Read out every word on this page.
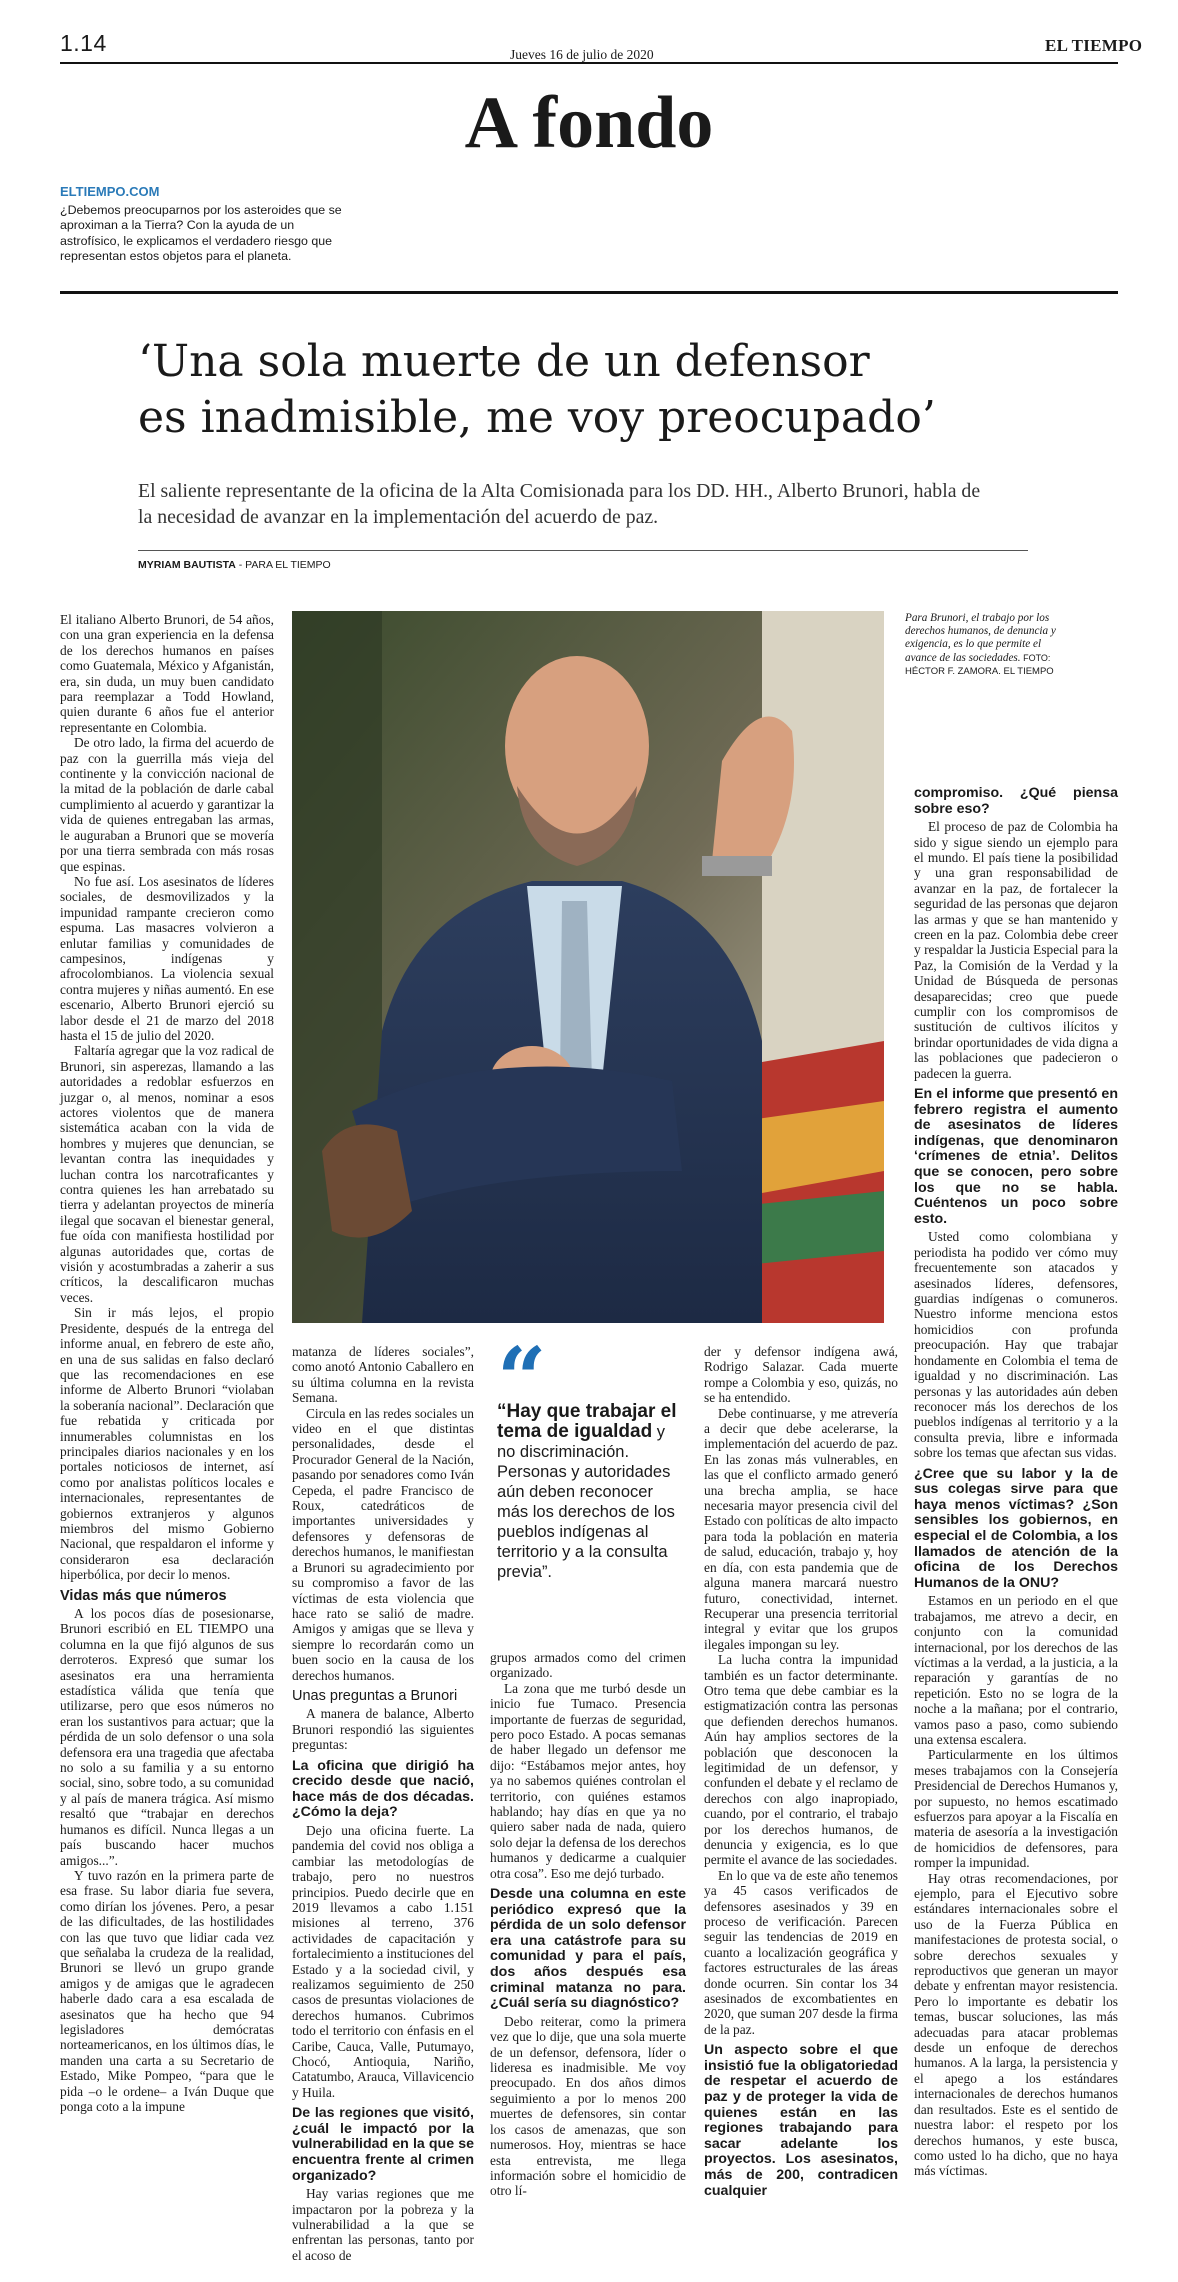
1.14	Jueves 16 de julio de 2020	EL TIEMPO
A fondo
ELTIEMPO.COM
¿Debemos preocuparnos por los asteroides que se aproximan a la Tierra? Con la ayuda de un astrofísico, le explicamos el verdadero riesgo que representan estos objetos para el planeta.
‘Una sola muerte de un defensor
es inadmisible, me voy preocupado’
El saliente representante de la oficina de la Alta Comisionada para los DD. HH., Alberto Brunori, habla de la necesidad de avanzar en la implementación del acuerdo de paz.
MYRIAM BAUTISTA - PARA EL TIEMPO
Para Brunori, el trabajo por los derechos humanos, de denuncia y exigencia, es lo que permite el avance de las sociedades. FOTO:
HÉCTOR F. ZAMORA. EL TIEMPO

El italiano Alberto Brunori, de 54 años, con una gran experiencia en la defensa de los derechos humanos en países como Guatemala, México y Afganistán, era, sin duda, un muy buen candidato para reemplazar a Todd Howland, quien durante 6 años fue el anterior representante en Colombia.

De otro lado, la firma del acuerdo de paz con la guerrilla más vieja del continente y la convicción nacional de la mitad de la población de darle cabal cumplimiento al acuerdo y garantizar la vida de quienes entregaban las armas, le auguraban a Brunori que se movería por una tierra sembrada con más rosas que espinas.

No fue así. Los asesinatos de líderes sociales, de desmovilizados y la impunidad rampante crecieron como espuma. Las masacres volvieron a enlutar familias y comunidades de campesinos, indígenas y afrocolombianos. La violencia sexual contra mujeres y niñas aumentó. En ese escenario, Alberto Brunori ejerció su labor desde el 21 de marzo del 2018 hasta el 15 de julio del 2020.

Faltaría agregar que la voz radical de Brunori, sin asperezas, llamando a las autoridades a redoblar esfuerzos en juzgar o, al menos, nominar a esos actores violentos que de manera sistemática acaban con la vida de hombres y mujeres que denuncian, se levantan contra las inequidades y luchan contra los narcotraficantes y contra quienes les han arrebatado su tierra y adelantan proyectos de minería ilegal que socavan el bienestar general, fue oída con manifiesta hostilidad por algunas autoridades que, cortas de visión y acostumbradas a zaherir a sus críticos, la descalificaron muchas veces.

Sin ir más lejos, el propio Presidente, después de la entrega del informe anual, en febrero de este año, en una de sus salidas en falso declaró que las recomendaciones en ese informe de Alberto Brunori “violaban la soberanía nacional”. Declaración que fue rebatida y criticada por innumerables columnistas en los principales diarios nacionales y en los portales noticiosos de internet, así como por analistas políticos locales e internacionales, representantes de gobiernos extranjeros y algunos miembros del mismo Gobierno Nacional, que respaldaron el informe y consideraron esa declaración hiperbólica, por decir lo menos.

Vidas más que números

A los pocos días de posesionarse, Brunori escribió en EL TIEMPO una columna en la que fijó algunos de sus derroteros. Expresó que sumar los asesinatos era una herramienta estadística válida que tenía que utilizarse, pero que esos números no eran los sustantivos para actuar; que la pérdida de un solo defensor o una sola defensora era una tragedia que afectaba no solo a su familia y a su entorno social, sino, sobre todo, a su comunidad y al país de manera trágica. Así mismo resaltó que “trabajar en derechos humanos es difícil. Nunca llegas a un país buscando hacer muchos amigos...”.

Y tuvo razón en la primera parte de esa frase. Su labor diaria fue severa, como dirían los jóvenes. Pero, a pesar de las dificultades, de las hostilidades con las que tuvo que lidiar cada vez que señalaba la crudeza de la realidad, Brunori se llevó un grupo grande amigos y de amigas que le agradecen haberle dado cara a esa escalada de asesinatos que ha hecho que 94 legisladores demócratas norteamericanos, en los últimos días, le manden una carta a su Secretario de Estado, Mike Pompeo, “para que le pida –o le ordene– a Iván Duque que ponga coto a la impune

matanza de líderes sociales”, como anotó Antonio Caballero en su última columna en la revista Semana.

Circula en las redes sociales un video en el que distintas personalidades, desde el Procurador General de la Nación, pasando por senadores como Iván Cepeda, el padre Francisco de Roux, catedráticos de importantes universidades y defensores y defensoras de derechos humanos, le manifiestan a Brunori su agradecimiento por su compromiso a favor de las víctimas de esta violencia que hace rato se salió de madre. Amigos y amigas que se lleva y siempre lo recordarán como un buen socio en la causa de los derechos humanos.

Unas preguntas a Brunori

A manera de balance, Alberto Brunori respondió las siguientes preguntas:

La oficina que dirigió ha crecido desde que nació, hace más de dos décadas. ¿Cómo la deja?

Dejo una oficina fuerte. La pandemia del covid nos obliga a cambiar las metodologías de trabajo, pero no nuestros principios. Puedo decirle que en 2019 llevamos a cabo 1.151 misiones al terreno, 376 actividades de capacitación y fortalecimiento a instituciones del Estado y a la sociedad civil, y realizamos seguimiento de 250 casos de presuntas violaciones de derechos humanos. Cubrimos todo el territorio con énfasis en el Caribe, Cauca, Valle, Putumayo, Chocó, Antioquia, Nariño, Catatumbo, Arauca, Villavicencio y Huila.

De las regiones que visitó, ¿cuál le impactó por la vulnerabilidad en la que se encuentra frente al crimen organizado?

Hay varias regiones que me impactaron por la pobreza y la vulnerabilidad a la que se enfrentan las personas, tanto por el acoso de

“
“Hay que trabajar el tema de igualdad y no discriminación. Personas y autoridades aún deben reconocer más los derechos de los pueblos indígenas al territorio y a la consulta previa”.

grupos armados como del crimen organizado.

La zona que me turbó desde un inicio fue Tumaco. Presencia importante de fuerzas de seguridad, pero poco Estado. A pocas semanas de haber llegado un defensor me dijo: “Estábamos mejor antes, hoy ya no sabemos quiénes controlan el territorio, con quiénes estamos hablando; hay días en que ya no quiero saber nada de nada, quiero solo dejar la defensa de los derechos humanos y dedicarme a cualquier otra cosa”. Eso me dejó turbado.

Desde una columna en este periódico expresó que la pérdida de un solo defensor era una catástrofe para su comunidad y para el país, dos años después esa criminal matanza no para. ¿Cuál sería su diagnóstico?

Debo reiterar, como la primera vez que lo dije, que una sola muerte de un defensor, defensora, líder o lideresa es inadmisible. Me voy preocupado. En dos años dimos seguimiento a por lo menos 200 muertes de defensores, sin contar los casos de amenazas, que son numerosos. Hoy, mientras se hace esta entrevista, me llega información sobre el homicidio de otro lí-

der y defensor indígena awá, Rodrigo Salazar. Cada muerte rompe a Colombia y eso, quizás, no se ha entendido.

Debe continuarse, y me atrevería a decir que debe acelerarse, la implementación del acuerdo de paz. En las zonas más vulnerables, en las que el conflicto armado generó una brecha amplia, se hace necesaria mayor presencia civil del Estado con políticas de alto impacto para toda la población en materia de salud, educación, trabajo y, hoy en día, con esta pandemia que de alguna manera marcará nuestro futuro, conectividad, internet. Recuperar una presencia territorial integral y evitar que los grupos ilegales impongan su ley.

La lucha contra la impunidad también es un factor determinante. Otro tema que debe cambiar es la estigmatización contra las personas que defienden derechos humanos. Aún hay amplios sectores de la población que desconocen la legitimidad de un defensor, y confunden el debate y el reclamo de derechos con algo inapropiado, cuando, por el contrario, el trabajo por los derechos humanos, de denuncia y exigencia, es lo que permite el avance de las sociedades.

En lo que va de este año tenemos ya 45 casos verificados de defensores asesinados y 39 en proceso de verificación. Parecen seguir las tendencias de 2019 en cuanto a localización geográfica y factores estructurales de las áreas donde ocurren. Sin contar los 34 asesinados de excombatientes en 2020, que suman 207 desde la firma de la paz.

Un aspecto sobre el que insistió fue la obligatoriedad de respetar el acuerdo de paz y de proteger la vida de quienes están en las regiones trabajando para sacar adelante los proyectos. Los asesinatos, más de 200, contradicen cualquier
compromiso. ¿Qué piensa sobre eso?

El proceso de paz de Colombia ha sido y sigue siendo un ejemplo para el mundo. El país tiene la posibilidad y una gran responsabilidad de avanzar en la paz, de fortalecer la seguridad de las personas que dejaron las armas y que se han mantenido y creen en la paz. Colombia debe creer y respaldar la Justicia Especial para la Paz, la Comisión de la Verdad y la Unidad de Búsqueda de personas desaparecidas; creo que puede cumplir con los compromisos de sustitución de cultivos ilícitos y brindar oportunidades de vida digna a las poblaciones que padecieron o padecen la guerra.

En el informe que presentó en febrero registra el aumento de asesinatos de líderes indígenas, que denominaron ‘crímenes de etnia’. Delitos que se conocen, pero sobre los que no se habla. Cuéntenos un poco sobre esto.

Usted como colombiana y periodista ha podido ver cómo muy frecuentemente son atacados y asesinados líderes, defensores, guardias indígenas o comuneros. Nuestro informe menciona estos homicidios con profunda preocupación. Hay que trabajar hondamente en Colombia el tema de igualdad y no discriminación. Las personas y las autoridades aún deben reconocer más los derechos de los pueblos indígenas al territorio y a la consulta previa, libre e informada sobre los temas que afectan sus vidas.

¿Cree que su labor y la de sus colegas sirve para que haya menos víctimas? ¿Son sensibles los gobiernos, en especial el de Colombia, a los llamados de atención de la oficina de los Derechos Humanos de la ONU?

Estamos en un periodo en el que trabajamos, me atrevo a decir, en conjunto con la comunidad internacional, por los derechos de las víctimas a la verdad, a la justicia, a la reparación y garantías de no repetición. Esto no se logra de la noche a la mañana; por el contrario, vamos paso a paso, como subiendo una extensa escalera.

Particularmente en los últimos meses trabajamos con la Consejería Presidencial de Derechos Humanos y, por supuesto, no hemos escatimado esfuerzos para apoyar a la Fiscalía en materia de asesoría a la investigación de homicidios de defensores, para romper la impunidad.

Hay otras recomendaciones, por ejemplo, para el Ejecutivo sobre estándares internacionales sobre el uso de la Fuerza Pública en manifestaciones de protesta social, o sobre derechos sexuales y reproductivos que generan un mayor debate y enfrentan mayor resistencia. Pero lo importante es debatir los temas, buscar soluciones, las más adecuadas para atacar problemas desde un enfoque de derechos humanos. A la larga, la persistencia y el apego a los estándares internacionales de derechos humanos dan resultados. Este es el sentido de nuestra labor: el respeto por los derechos humanos, y este busca, como usted lo ha dicho, que no haya más víctimas.
